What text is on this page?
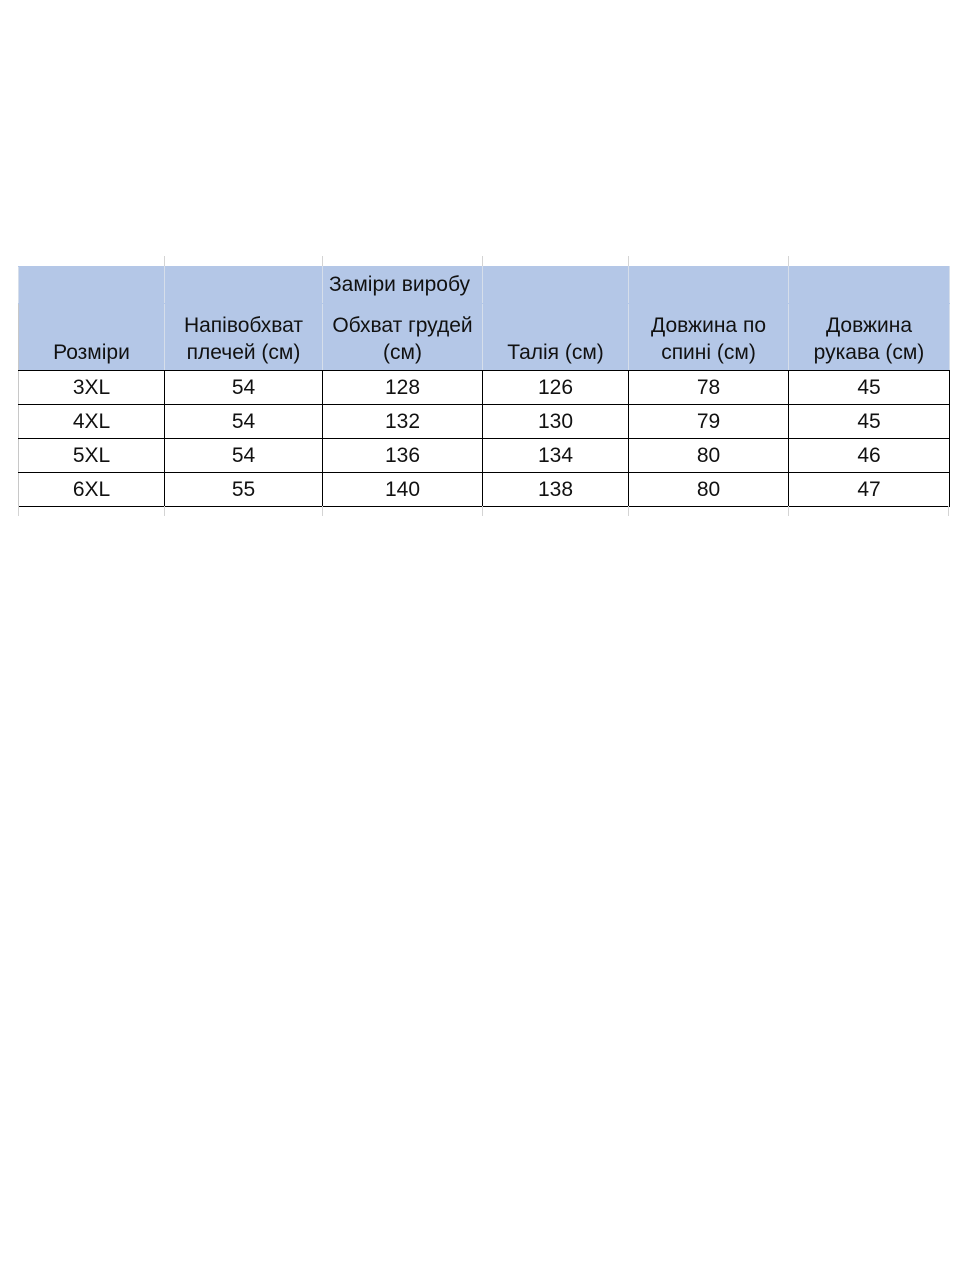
		Заміри виробу			
Розміри	Напівобхват плечей (см)	Обхват грудей (см)	Талія (см)	Довжина по спині (см)	Довжина рукава (см)
3XL	54	128	126	78	45
4XL	54	132	130	79	45
5XL	54	136	134	80	46
6XL	55	140	138	80	47
